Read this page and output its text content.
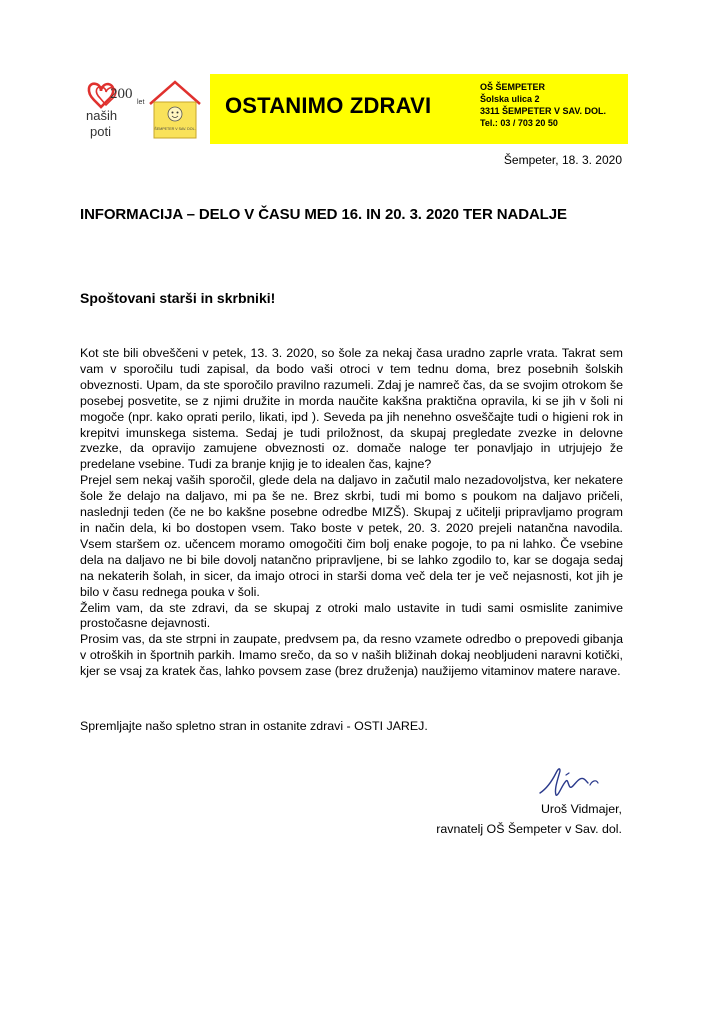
200
let
naših
poti	ŠEMPETER V SAV. DOL.
OSTANIMO ZDRAVI
OŠ ŠEMPETER
Šolska ulica 2
3311 ŠEMPETER V SAV. DOL.
Tel.: 03 / 703 20 50
Šempeter, 18. 3. 2020
INFORMACIJA – DELO V ČASU MED 16. IN 20. 3. 2020 TER NADALJE
Spoštovani starši in skrbniki!

Kot ste bili obveščeni v petek, 13. 3. 2020, so šole za nekaj časa uradno zaprle vrata. Takrat sem vam v sporočilu tudi zapisal, da bodo vaši otroci v tem tednu doma, brez posebnih šolskih obveznosti. Upam, da ste sporočilo pravilno razumeli. Zdaj je namreč čas, da se svojim otrokom še posebej posvetite, se z njimi družite in morda naučite kakšna praktična opravila, ki se jih v šoli ni mogoče (npr. kako oprati perilo, likati, ipd ). Seveda pa jih nenehno osveščajte tudi o higieni rok in krepitvi imunskega sistema. Sedaj je tudi priložnost, da skupaj pregledate zvezke in delovne zvezke, da opravijo zamujene obveznosti oz. domače naloge ter ponavljajo in utrjujejo že predelane vsebine. Tudi za branje knjig je to idealen čas, kajne?

Prejel sem nekaj vaših sporočil, glede dela na daljavo in začutil malo nezadovoljstva, ker nekatere šole že delajo na daljavo, mi pa še ne. Brez skrbi, tudi mi bomo s poukom na daljavo pričeli, naslednji teden (če ne bo kakšne posebne odredbe MIZŠ). Skupaj z učitelji pripravljamo program in način dela, ki bo dostopen vsem. Tako boste v petek, 20. 3. 2020 prejeli natančna navodila. Vsem staršem oz. učencem moramo omogočiti čim bolj enake pogoje, to pa ni lahko. Če vsebine dela na daljavo ne bi bile dovolj natančno pripravljene, bi se lahko zgodilo to, kar se dogaja sedaj na nekaterih šolah, in sicer, da imajo otroci in starši doma več dela ter je več nejasnosti, kot jih je bilo v času rednega pouka v šoli.

Želim vam, da ste zdravi, da se skupaj z otroki malo ustavite in tudi sami osmislite zanimive prostočasne dejavnosti.

Prosim vas, da ste strpni in zaupate, predvsem pa, da resno vzamete odredbo o prepovedi gibanja v otroških in športnih parkih. Imamo srečo, da so v naših bližinah dokaj neobljudeni naravni kotički, kjer se vsaj za kratek čas, lahko povsem zase (brez druženja) naužijemo vitaminov matere narave.

Spremljajte našo spletno stran in ostanite zdravi - OSTI JAREJ.
Uroš Vidmajer,
ravnatelj OŠ Šempeter v Sav. dol.
